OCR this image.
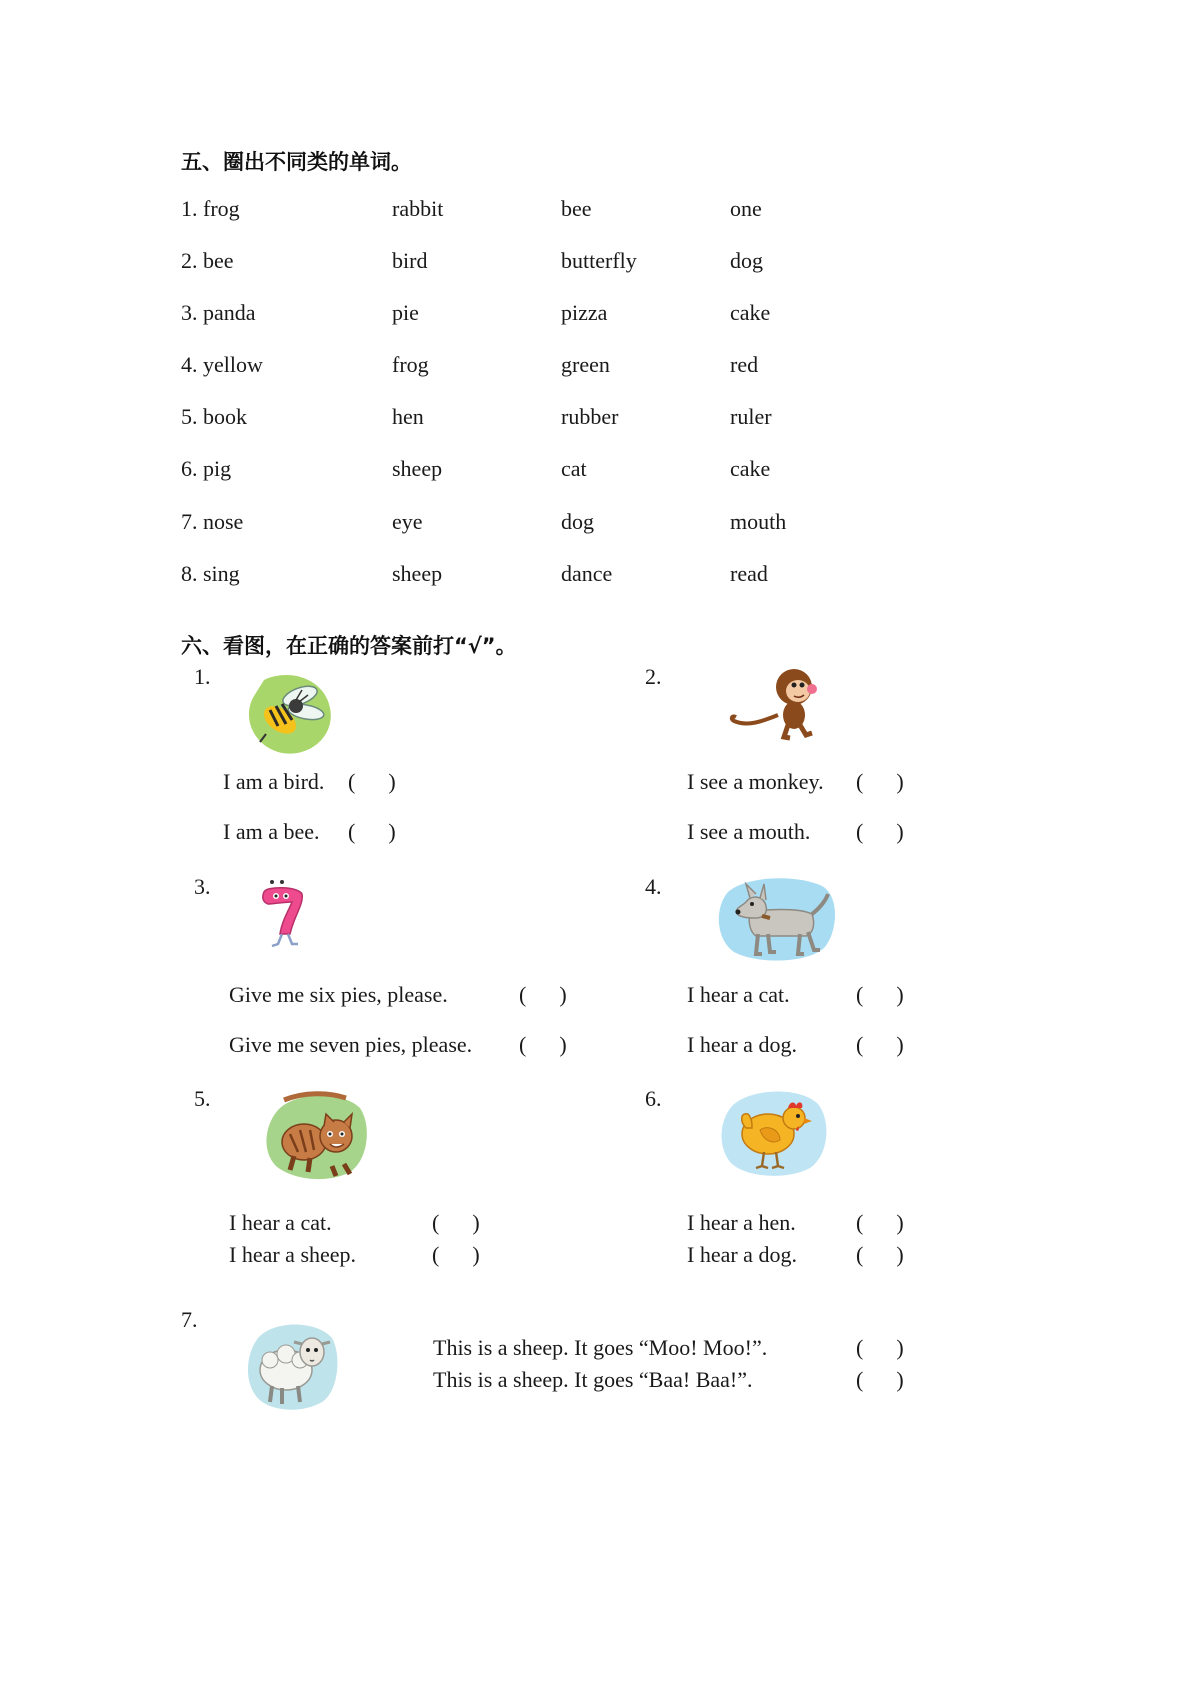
五、圈出不同类的单词。
1. frog	rabbit	bee	one
2. bee	bird	butterfly	dog
3. panda	pie	pizza	cake
4. yellow	frog	green	red
5. book	hen	rubber	ruler
6. pig	sheep	cat	cake
7. nose	eye	dog	mouth
8. sing	sheep	dance	read
六、看图，在正确的答案前打“√”。
1.
I am a bird. ( )
I am a bee. ( )
2.
I see a monkey. ( )
I see a mouth. ( )
3.
Give me six pies, please.	( )
Give me seven pies, please. ( )
4.
I hear a cat.	( )
I hear a dog.	( )
5.
I hear a cat.	( )
I hear a sheep.	( )
6.
I hear a hen.	( )
I hear a dog.	( )
7.
This is a sheep. It goes “Moo! Moo!”.	( )
This is a sheep. It goes “Baa! Baa!”.	( )
